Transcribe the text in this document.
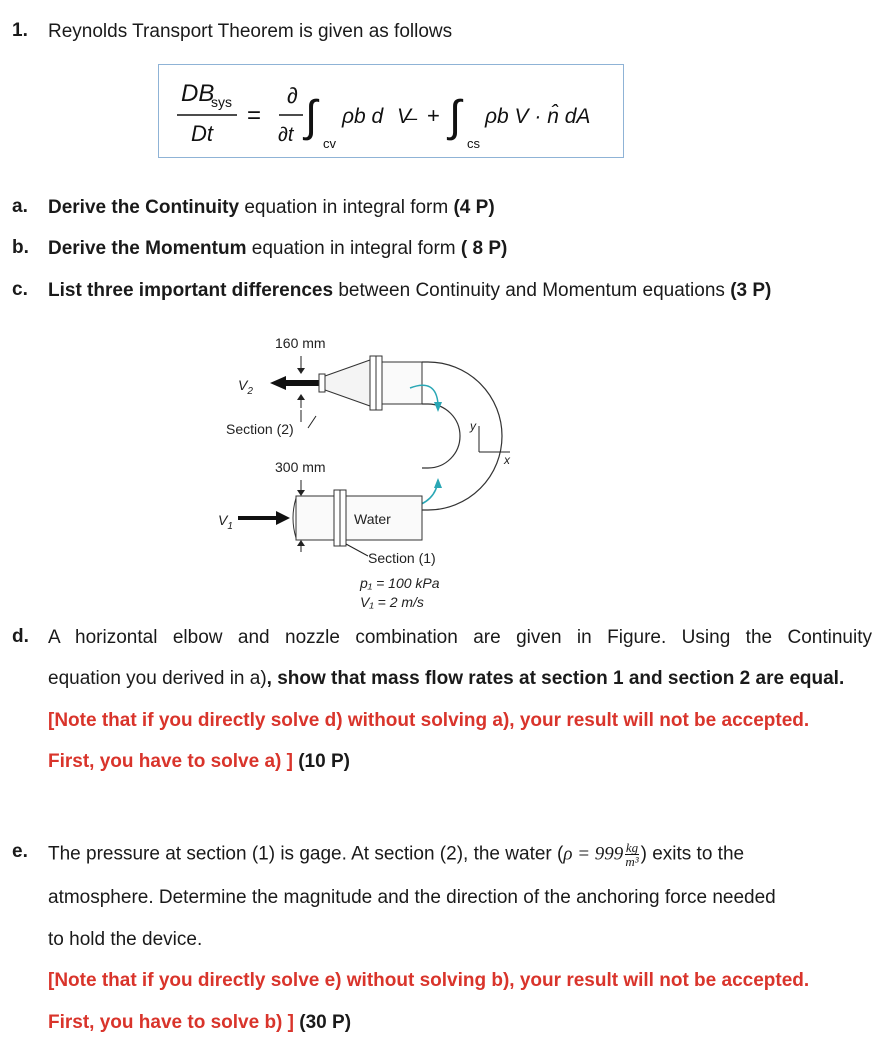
1. Reynolds Transport Theorem is given as follows
DB
sys
Dt
=
∂
∂t ∫
cv
ρb d V̶ + ∫
cs
ρb V · n̂ dA
a. Derive the Continuity equation in integral form (4 P)
b. Derive the Momentum equation in integral form ( 8 P)
c. List three important differences between Continuity and Momentum equations (3 P)
160 mm
$V_2$
Section (2)
300 mm
$V_1$	Water
Section (1)
p₁ = 100 kPa
V₁ = 2 m/s
y
x
d. A horizontal elbow and nozzle combination are given in Figure. Using the Continuity
equation you derived in a), show that mass flow rates at section 1 and section 2 are equal.
[Note that if you directly solve d) without solving a), your result will not be accepted.
First, you have to solve a) ] (10 P)
e. The pressure at section (1) is gage. At section (2), the water ($\rho = 999 \frac{kg}{\text{m³}}$ ) exits to the
atmosphere. Determine the magnitude and the direction of the anchoring force needed
to hold the device.
[Note that if you directly solve e) without solving b), your result will not be accepted.
First, you have to solve b) ] (30 P)
